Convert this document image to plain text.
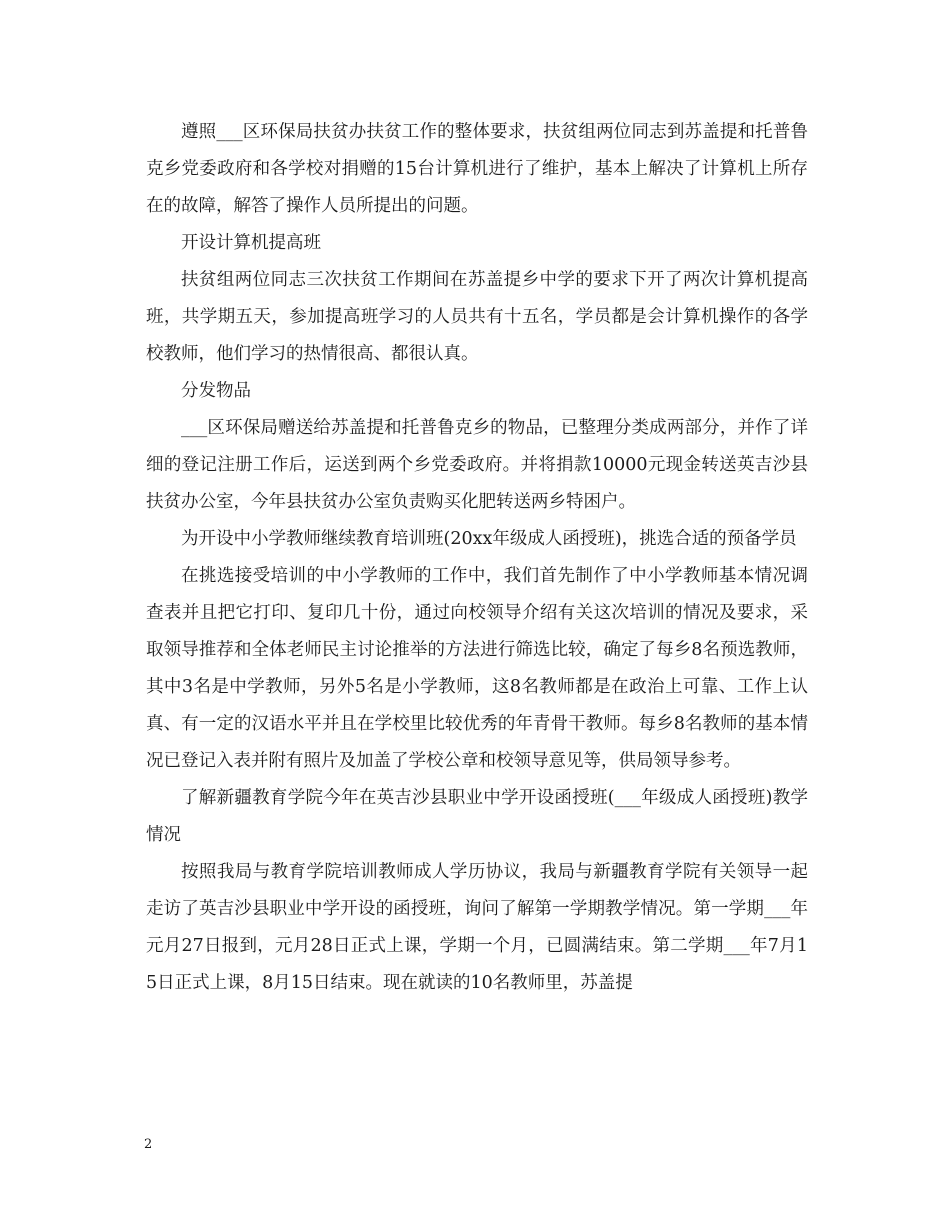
遵照___区环保局扶贫办扶贫工作的整体要求，扶贫组两位同志到苏盖提和托普鲁克乡党委政府和各学校对捐赠的15台计算机进行了维护，基本上解决了计算机上所存在的故障，解答了操作人员所提出的问题。

开设计算机提高班

扶贫组两位同志三次扶贫工作期间在苏盖提乡中学的要求下开了两次计算机提高班，共学期五天，参加提高班学习的人员共有十五名，学员都是会计算机操作的各学校教师，他们学习的热情很高、都很认真。

分发物品

___区环保局赠送给苏盖提和托普鲁克乡的物品，已整理分类成两部分，并作了详细的登记注册工作后，运送到两个乡党委政府。并将捐款10000元现金转送英吉沙县扶贫办公室，今年县扶贫办公室负责购买化肥转送两乡特困户。

为开设中小学教师继续教育培训班(20xx年级成人函授班)，挑选合适的预备学员

在挑选接受培训的中小学教师的工作中，我们首先制作了中小学教师基本情况调查表并且把它打印、复印几十份，通过向校领导介绍有关这次培训的情况及要求，采取领导推荐和全体老师民主讨论推举的方法进行筛选比较，确定了每乡8名预选教师，其中3名是中学教师，另外5名是小学教师，这8名教师都是在政治上可靠、工作上认真、有一定的汉语水平并且在学校里比较优秀的年青骨干教师。每乡8名教师的基本情况已登记入表并附有照片及加盖了学校公章和校领导意见等，供局领导参考。

了解新疆教育学院今年在英吉沙县职业中学开设函授班(___年级成人函授班)教学情况

按照我局与教育学院培训教师成人学历协议，我局与新疆教育学院有关领导一起走访了英吉沙县职业中学开设的函授班，询问了解第一学期教学情况。第一学期___年元月27日报到，元月28日正式上课，学期一个月，已圆满结束。第二学期___年7月15日正式上课，8月15日结束。现在就读的10名教师里，苏盖提

2
